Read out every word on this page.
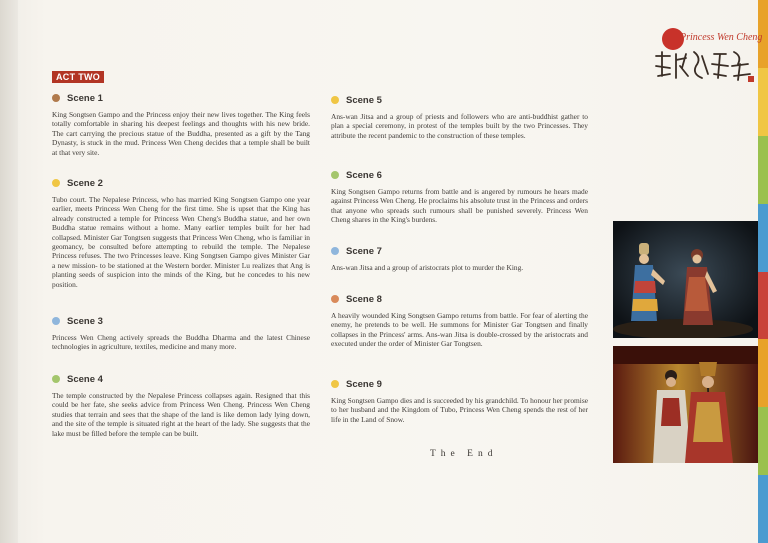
Princess Wen Cheng
ACT TWO
Scene 1
King Songtsen Gampo and the Princess enjoy their new lives together. The King feels totally comfortable in sharing his deepest feelings and thoughts with his new bride. The cart carrying the precious statue of the Buddha, presented as a gift by the Tang Dynasty, is stuck in the mud. Princess Wen Cheng decides that a temple shall be built at that very site.
Scene 2
Tubo court. The Nepalese Princess, who has married King Songtsen Gampo one year earlier, meets Princess Wen Cheng for the first time. She is upset that the King has already constructed a temple for Princess Wen Cheng's Buddha statue, and her own Buddha statue remains without a home. Many earlier temples built for her had collapsed. Minister Gar Tongtsen suggests that Princess Wen Cheng, who is familiar in geomancy, be consulted before attempting to rebuild the temple. The Nepalese Princess refuses. The two Princesses leave. King Songtsen Gampo gives Minister Gar a new mission- to be stationed at the Western border. Minister Lu realizes that Ang is planting seeds of suspicion into the minds of the King, but he concedes to his new position.
Scene 3
Princess Wen Cheng actively spreads the Buddha Dharma and the latest Chinese technologies in agriculture, textiles, medicine and many more.
Scene 4
The temple constructed by the Nepalese Princess collapses again. Resigned that this could be her fate, she seeks advice from Princess Wen Cheng. Princess Wen Cheng studies that terrain and sees that the shape of the land is like demon lady lying down, and the site of the temple is situated right at the heart of the lady. She suggests that the lake must be filled before the temple can be built.
Scene 5
Ans-wan Jitsa and a group of priests and followers who are anti-buddhist gather to plan a special ceremony, in protest of the temples built by the two Princesses. They attribute the recent pandemic to the construction of these temples.
Scene 6
King Songtsen Gampo returns from battle and is angered by rumours he hears made against Princess Wen Cheng. He proclaims his absolute trust in the Princess and orders that anyone who spreads such rumours shall be punished severely. Princess Wen Cheng shares in the King's burdens.
Scene 7
Ans-wan Jitsa and a group of aristocrats plot to murder the King.
Scene 8
A heavily wounded King Songtsen Gampo returns from battle. For fear of alerting the enemy, he pretends to be well. He summons for Minister Gar Tongtsen and finally collapses in the Princess' arms. Ans-wan Jitsa is double-crossed by the aristocrats and executed under the order of Minister Gar Tongtsen.
Scene 9
King Songtsen Gampo dies and is succeeded by his grandchild. To honour her promise to her husband and the Kingdom of Tubo, Princess Wen Cheng spends the rest of her life in the Land of Snow.
The End
